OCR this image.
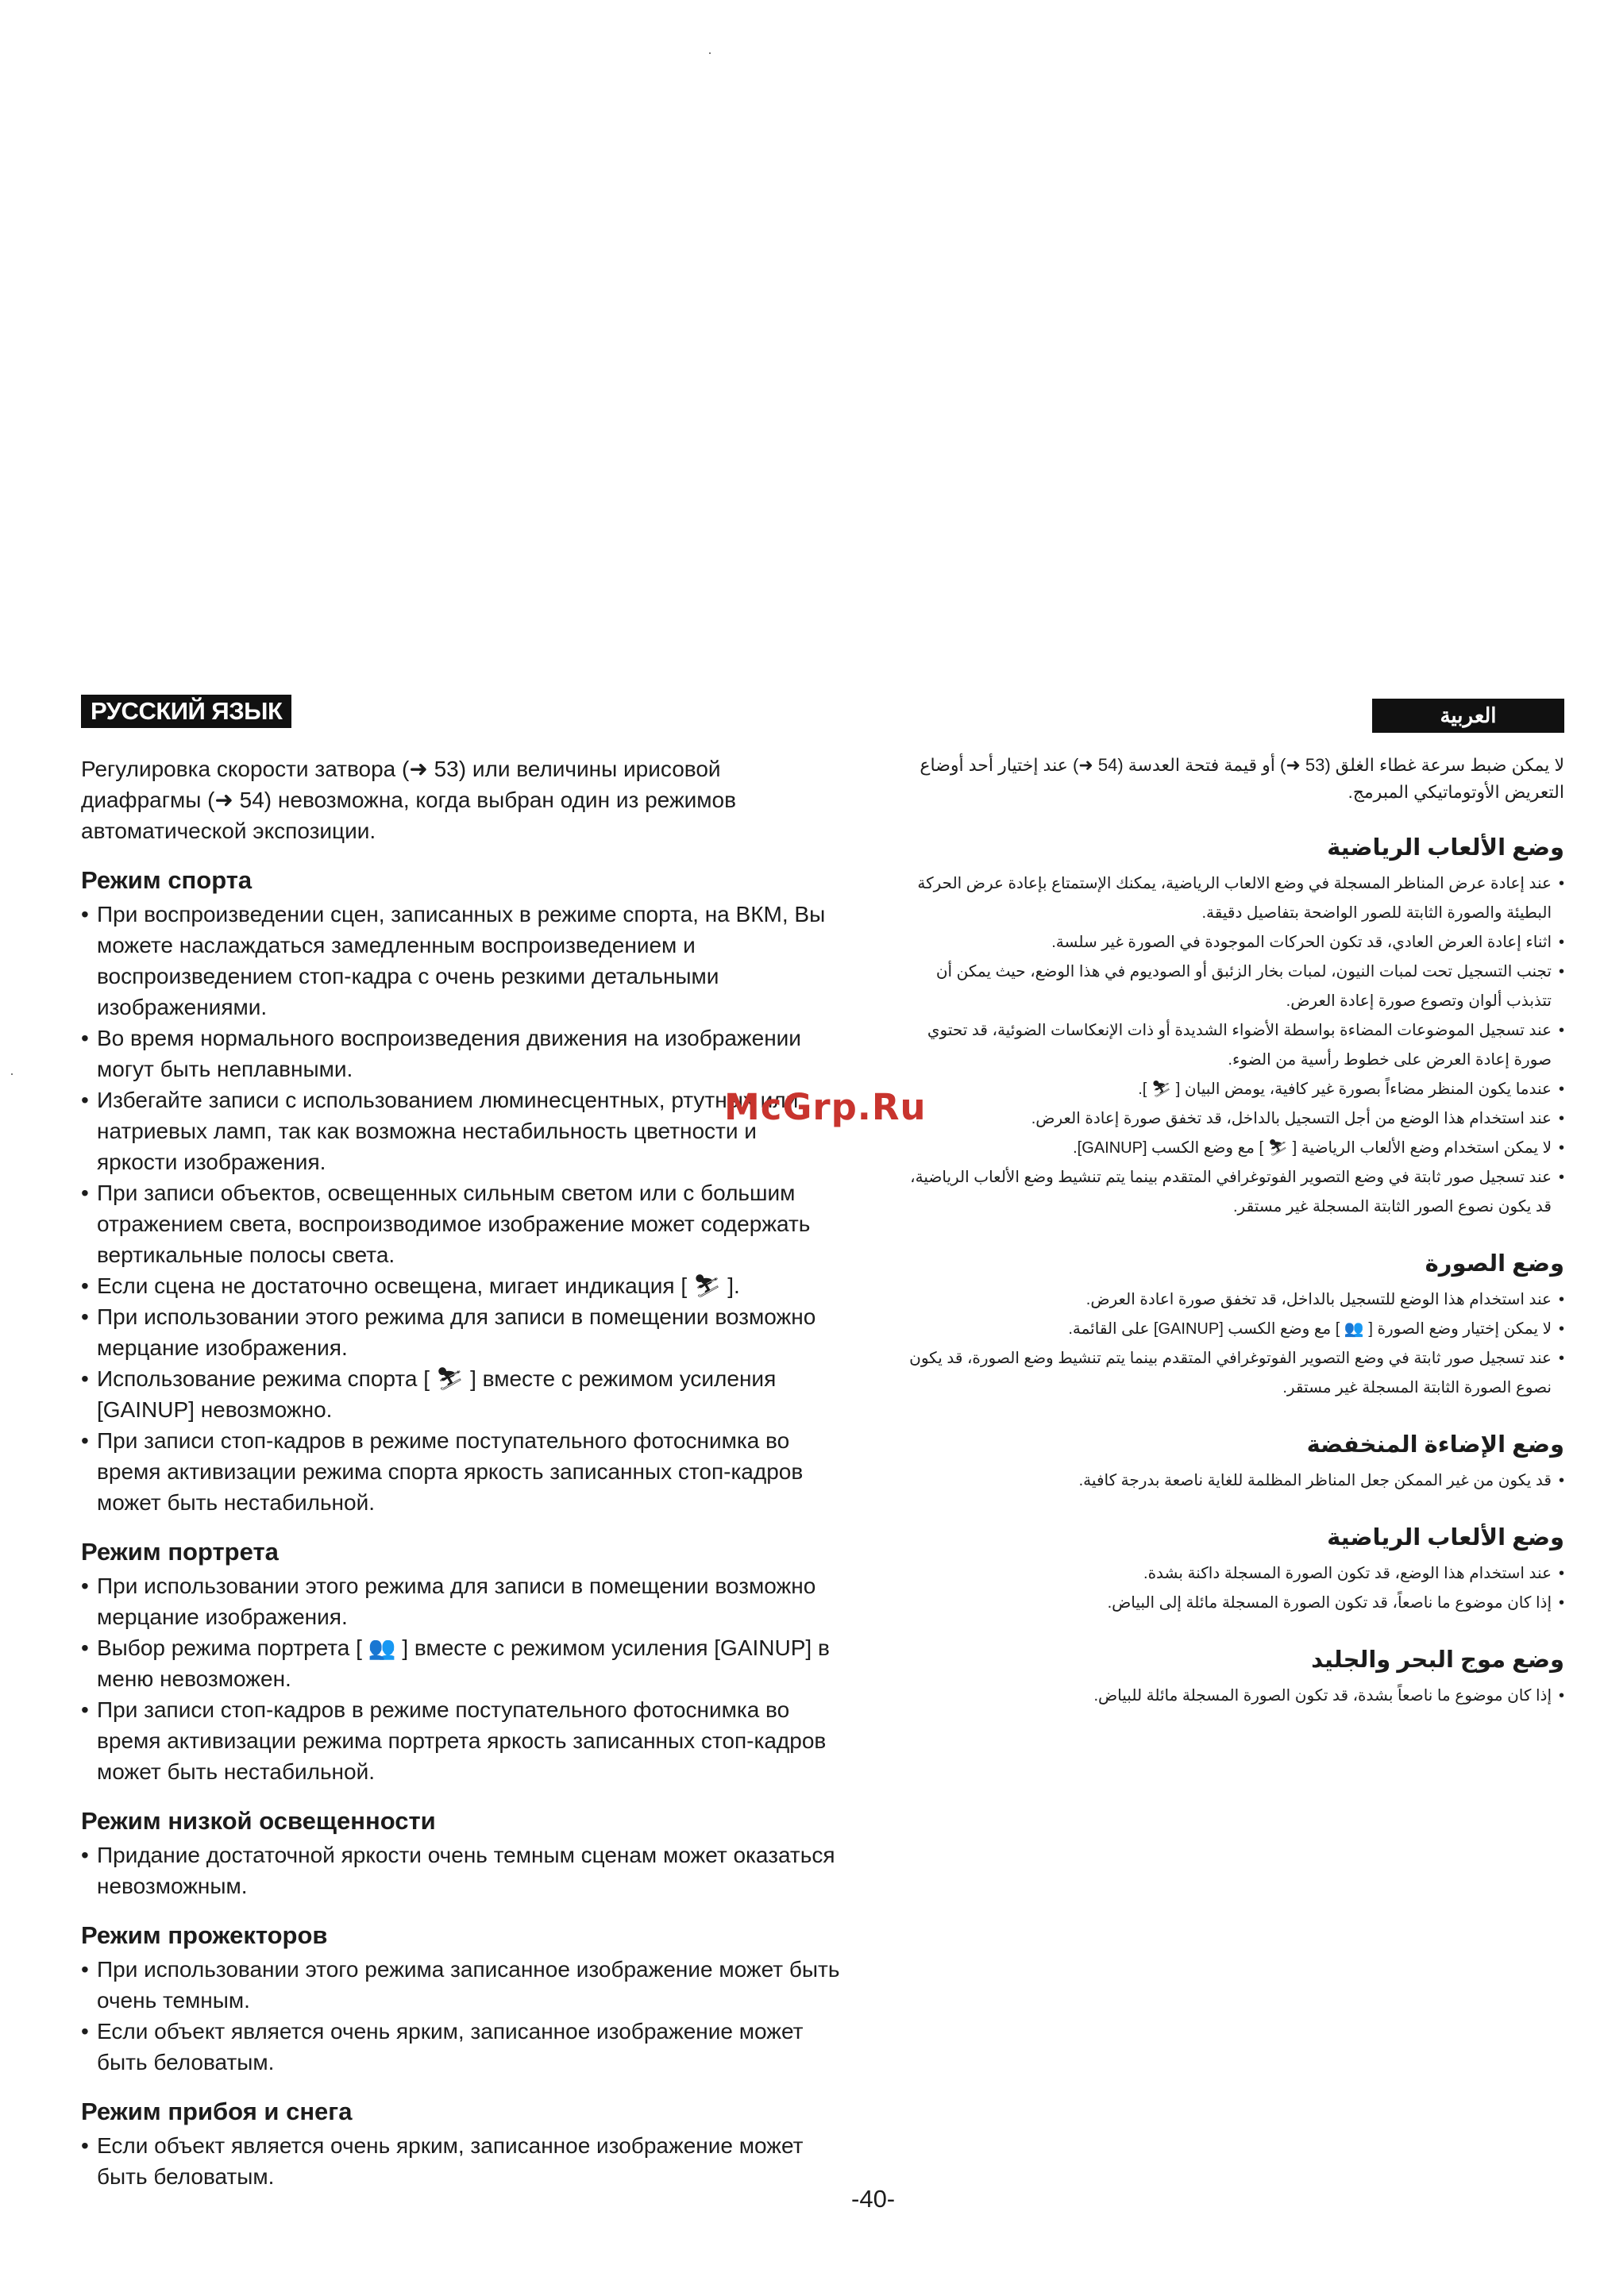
РУССКИЙ ЯЗЫК

Регулировка скорости затвора (➜ 53) или величины ирисовой диафрагмы (➜ 54) невозможна, когда выбран один из режимов автоматической экспозиции.

Режим спорта
• При воспроизведении сцен, записанных в режиме спорта, на ВКМ, Вы можете наслаждаться замедленным воспроизведением и воспроизведением стоп-кадра с очень резкими детальными изображениями.
• Во время нормального воспроизведения движения на изображении могут быть неплавными.
• Избегайте записи с использованием люминесцентных, ртутных или натриевых ламп, так как возможна нестабильность цветности и яркости изображения.
• При записи объектов, освещенных сильным светом или с большим отражением света, воспроизводимое изображение может содержать вертикальные полосы света.
• Если сцена не достаточно освещена, мигает индикация [ ⛷ ].
• При использовании этого режима для записи в помещении возможно мерцание изображения.
• Использование режима спорта [ ⛷ ] вместе с режимом усиления [GAINUP] невозможно.
• При записи стоп-кадров в режиме поступательного фотоснимка во время активизации режима спорта яркость записанных стоп-кадров может быть нестабильной.
Режим портрета
• При использовании этого режима для записи в помещении возможно мерцание изображения.
• Выбор режима портрета [ 👥 ] вместе с режимом усиления [GAINUP] в меню невозможен.
• При записи стоп-кадров в режиме поступательного фотоснимка во время активизации режима портрета яркость записанных стоп-кадров может быть нестабильной.
Режим низкой освещенности
• Придание достаточной яркости очень темным сценам может оказаться невозможным.
Режим прожекторов
• При использовании этого режима записанное изображение может быть очень темным.
• Если объект является очень ярким, записанное изображение может быть беловатым.
Режим прибоя и снега
• Если объект является очень ярким, записанное изображение может быть беловатым.
العربية

لا يمكن ضبط سرعة غطاء الغلق (53 ➜) أو قيمة فتحة العدسة (54 ➜) عند إختيار أحد أوضاع التعريض الأوتوماتيكي المبرمج.

وضع الألعاب الرياضية
•
عند إعادة عرض المناظر المسجلة في وضع الالعاب الرياضية، يمكنك الإستمتاع بإعادة عرض الحركة البطيئة والصورة الثابتة للصور الواضحة بتفاصيل دقيقة.
•
اثناء إعادة العرض العادي، قد تكون الحركات الموجودة في الصورة غير سلسة.
•
تجنب التسجيل تحت لمبات النيون، لمبات بخار الزئبق أو الصوديوم في هذا الوضع، حيث يمكن أن تتذبذب ألوان وتصوع صورة إعادة العرض.
•
عند تسجيل الموضوعات المضاءة بواسطة الأضواء الشديدة أو ذات الإنعكاسات الضوئية، قد تحتوي صورة إعادة العرض على خطوط رأسية من الضوء.
•
عندما يكون المنظر مضاءاً بصورة غير كافية، يومض البيان [ ⛷ ].
•
عند استخدام هذا الوضع من أجل التسجيل بالداخل، قد تخفق صورة إعادة العرض.
•
لا يمكن استخدام وضع الألعاب الرياضية [ ⛷ ] مع وضع الكسب [GAINUP].
•
عند تسجيل صور ثابتة في وضع التصوير الفوتوغرافي المتقدم بينما يتم تنشيط وضع الألعاب الرياضية، قد يكون نصوع الصور الثابتة المسجلة غير مستقر.
وضع الصورة
•
عند استخدام هذا الوضع للتسجيل بالداخل، قد تخفق صورة اعادة العرض.
•
لا يمكن إختيار وضع الصورة [ 👥 ] مع وضع الكسب [GAINUP] على القائمة.
•
عند تسجيل صور ثابتة في وضع التصوير الفوتوغرافي المتقدم بينما يتم تنشيط وضع الصورة، قد يكون نصوع الصورة الثابتة المسجلة غير مستقر.
وضع الإضاءة المنخفضة
•
قد يكون من غير الممكن جعل المناظر المظلمة للغاية ناصعة بدرجة كافية.
وضع الألعاب الرياضية
•
عند استخدام هذا الوضع، قد تكون الصورة المسجلة داكنة بشدة.
•
إذا كان موضوع ما ناصعاً، قد تكون الصورة المسجلة مائلة إلى البياض.
وضع موج البحر والجليد
•
إذا كان موضوع ما ناصعاً بشدة، قد تكون الصورة المسجلة مائلة للبياض.
McGrp.Ru
-40-
